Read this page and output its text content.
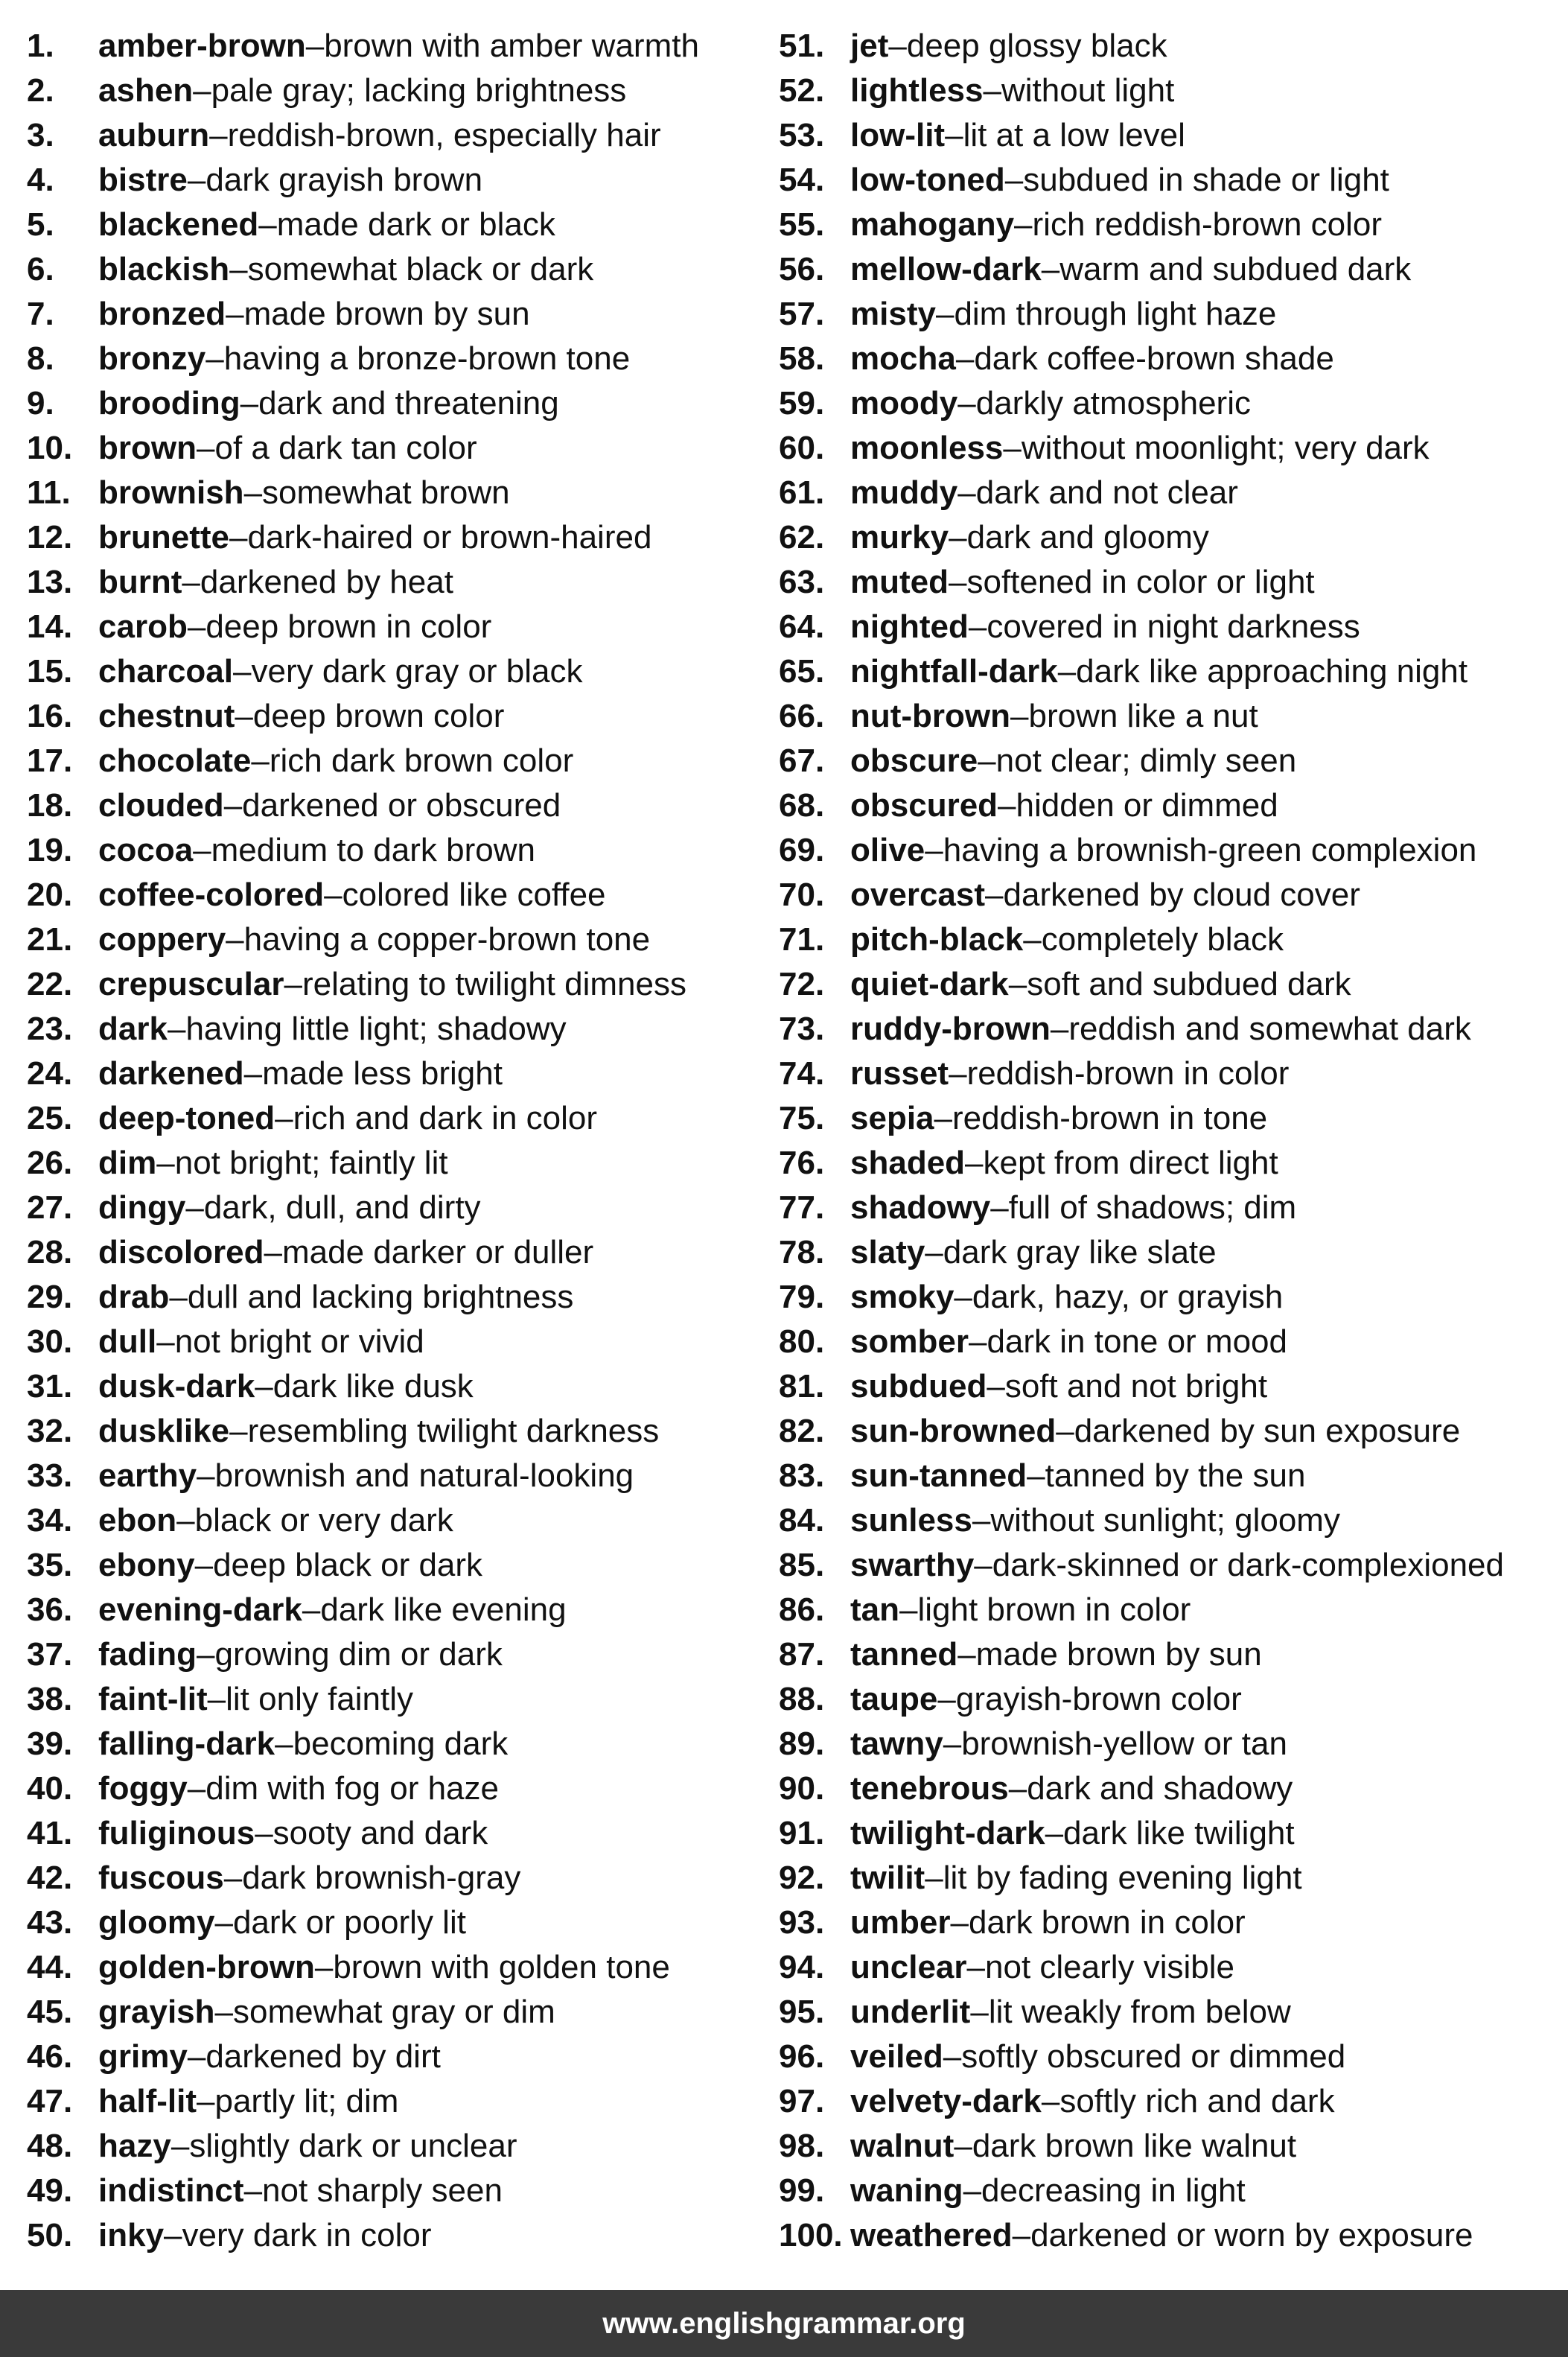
1.	amber-brown – brown with amber warmth
2.	ashen – pale gray; lacking brightness
3.	auburn – reddish-brown, especially hair
4.	bistre – dark grayish brown
5.	blackened – made dark or black
6.	blackish – somewhat black or dark
7.	bronzed – made brown by sun
8.	bronzy – having a bronze-brown tone
9.	brooding – dark and threatening
10. brown – of a dark tan color
11. brownish – somewhat brown
12. brunette – dark-haired or brown-haired
13. burnt – darkened by heat
14. carob – deep brown in color
15. charcoal – very dark gray or black
16. chestnut – deep brown color
17. chocolate – rich dark brown color
18. clouded – darkened or obscured
19. cocoa – medium to dark brown
20. coffee-colored – colored like coffee
21. coppery – having a copper-brown tone
22. crepuscular – relating to twilight dimness
23. dark – having little light; shadowy
24. darkened – made less bright
25. deep-toned – rich and dark in color
26. dim – not bright; faintly lit
27. dingy – dark, dull, and dirty
28. discolored – made darker or duller
29. drab – dull and lacking brightness
30. dull – not bright or vivid
31. dusk-dark – dark like dusk
32. dusklike – resembling twilight darkness
33. earthy – brownish and natural-looking
34. ebon – black or very dark
35. ebony – deep black or dark
36. evening-dark – dark like evening
37. fading – growing dim or dark
38. faint-lit – lit only faintly
39. falling-dark – becoming dark
40. foggy – dim with fog or haze
41. fuliginous – sooty and dark
42. fuscous – dark brownish-gray
43. gloomy – dark or poorly lit
44. golden-brown – brown with golden tone
45. grayish – somewhat gray or dim
46. grimy – darkened by dirt
47. half-lit – partly lit; dim
48. hazy – slightly dark or unclear
49. indistinct – not sharply seen
50. inky – very dark in color
51. jet – deep glossy black
52. lightless – without light
53. low-lit – lit at a low level
54. low-toned – subdued in shade or light
55. mahogany – rich reddish-brown color
56. mellow-dark – warm and subdued dark
57. misty – dim through light haze
58. mocha – dark coffee-brown shade
59. moody – darkly atmospheric
60. moonless – without moonlight; very dark
61. muddy – dark and not clear
62. murky – dark and gloomy
63. muted – softened in color or light
64. nighted – covered in night darkness
65. nightfall-dark – dark like approaching night
66. nut-brown – brown like a nut
67. obscure – not clear; dimly seen
68. obscured – hidden or dimmed
69. olive – having a brownish-green complexion
70. overcast – darkened by cloud cover
71. pitch-black – completely black
72. quiet-dark – soft and subdued dark
73. ruddy-brown – reddish and somewhat dark
74. russet – reddish-brown in color
75. sepia – reddish-brown in tone
76. shaded – kept from direct light
77. shadowy – full of shadows; dim
78. slaty – dark gray like slate
79. smoky – dark, hazy, or grayish
80. somber – dark in tone or mood
81. subdued – soft and not bright
82. sun-browned – darkened by sun exposure
83. sun-tanned – tanned by the sun
84. sunless – without sunlight; gloomy
85. swarthy – dark-skinned or dark-complexioned
86. tan – light brown in color
87. tanned – made brown by sun
88. taupe – grayish-brown color
89. tawny – brownish-yellow or tan
90. tenebrous – dark and shadowy
91. twilight-dark – dark like twilight
92. twilit – lit by fading evening light
93. umber – dark brown in color
94. unclear – not clearly visible
95. underlit – lit weakly from below
96. veiled – softly obscured or dimmed
97. velvety-dark – softly rich and dark
98. walnut – dark brown like walnut
99. waning – decreasing in light
100. weathered – darkened or worn by exposure
www.englishgrammar.org
